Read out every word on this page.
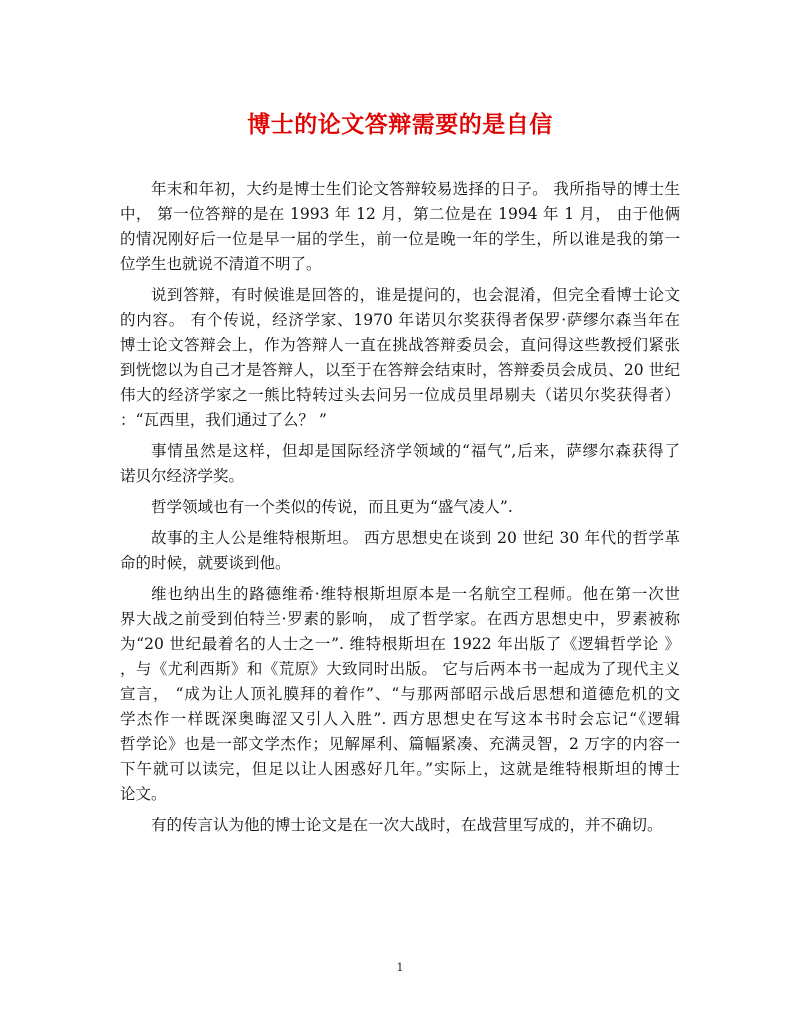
博士的论文答辩需要的是自信

年末和年初，大约是博士生们论文答辩较易选择的日子。 我所指导的博士生
中， 第一位答辩的是在 1993 年 12 月，第二位是在 1994 年 1 月， 由于他俩
的情况刚好后一位是早一届的学生，前一位是晚一年的学生，所以谁是我的第一
位学生也就说不清道不明了。

说到答辩，有时候谁是回答的，谁是提问的，也会混淆，但完全看博士论文
的内容。 有个传说，经济学家、1970 年诺贝尔奖获得者保罗·萨缪尔森当年在
博士论文答辩会上，作为答辩人一直在挑战答辩委员会，直问得这些教授们紧张
到恍惚以为自己才是答辩人，以至于在答辩会结束时，答辩委员会成员、20 世纪
伟大的经济学家之一熊比特转过头去问另一位成员里昂剔夫（诺贝尔奖获得者）
：“瓦西里，我们通过了么？ ”

事情虽然是这样，但却是国际经济学领域的“福气”,后来，萨缪尔森获得了
诺贝尔经济学奖。

哲学领域也有一个类似的传说，而且更为“盛气凌人”.

故事的主人公是维特根斯坦。 西方思想史在谈到 20 世纪 30 年代的哲学革
命的时候，就要谈到他。

维也纳出生的路德维希·维特根斯坦原本是一名航空工程师。他在第一次世
界大战之前受到伯特兰·罗素的影响， 成了哲学家。在西方思想史中，罗素被称
为“20 世纪最着名的人士之一”. 维特根斯坦在 1922 年出版了《逻辑哲学论 》
，与《尤利西斯》和《荒原》大致同时出版。 它与后两本书一起成为了现代主义
宣言， “成为让人顶礼膜拜的着作”、“与那两部昭示战后思想和道德危机的文
学杰作一样既深奥晦涩又引人入胜”. 西方思想史在写这本书时会忘记“《逻辑
哲学论》也是一部文学杰作；见解犀利、篇幅紧凑、充满灵智，2 万字的内容一
下午就可以读完，但足以让人困惑好几年。”实际上，这就是维特根斯坦的博士
论文。

有的传言认为他的博士论文是在一次大战时，在战营里写成的，并不确切。

1
